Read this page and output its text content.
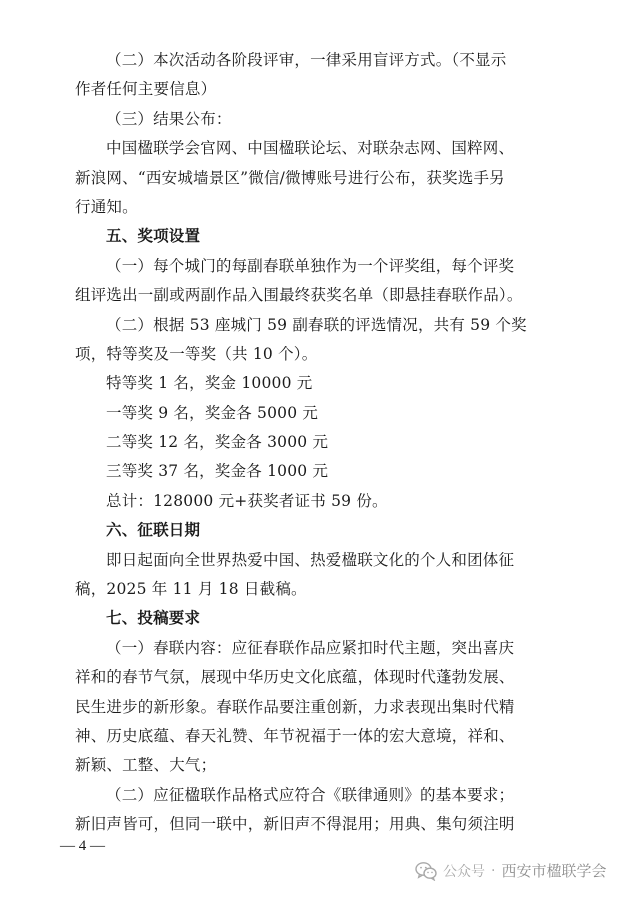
（二）本次活动各阶段评审，一律采用盲评方式。（不显示
作者任何主要信息）
（三）结果公布：
中国楹联学会官网、中国楹联论坛、对联杂志网、国粹网、
新浪网、“西安城墙景区”微信/微博账号进行公布，获奖选手另
行通知。
五、奖项设置
（一）每个城门的每副春联单独作为一个评奖组，每个评奖
组评选出一副或两副作品入围最终获奖名单（即悬挂春联作品）。
（二）根据 53 座城门 59 副春联的评选情况，共有 59 个奖
项，特等奖及一等奖（共 10 个）。
特等奖 1 名，奖金 10000 元
一等奖 9 名，奖金各 5000 元
二等奖 12 名，奖金各 3000 元
三等奖 37 名，奖金各 1000 元
总计：128000 元+获奖者证书 59 份。
六、征联日期
即日起面向全世界热爱中国、热爱楹联文化的个人和团体征
稿，2025 年 11 月 18 日截稿。
七、投稿要求
（一）春联内容：应征春联作品应紧扣时代主题，突出喜庆
祥和的春节气氛，展现中华历史文化底蕴，体现时代蓬勃发展、
民生进步的新形象。春联作品要注重创新，力求表现出集时代精
神、历史底蕴、春天礼赞、年节祝福于一体的宏大意境，祥和、
新颖、工整、大气；
（二）应征楹联作品格式应符合《联律通则》的基本要求；
新旧声皆可，但同一联中，新旧声不得混用；用典、集句须注明
— 4 —
公众号 · 西安市楹联学会
